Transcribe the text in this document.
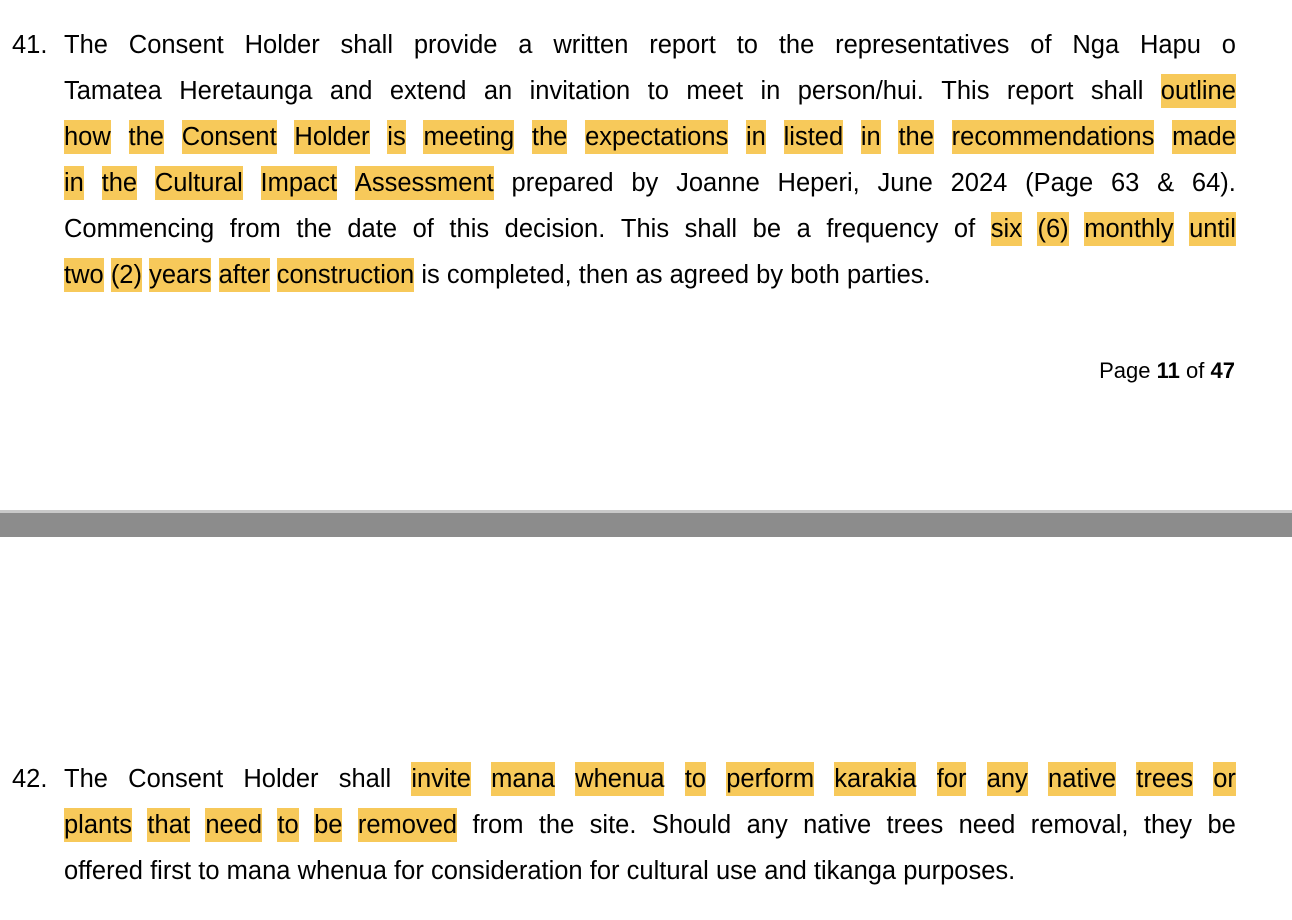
41. The Consent Holder shall provide a written report to the representatives of Nga Hapu o
Tamatea Heretaunga and extend an invitation to meet in person/hui. This report shall outline
how the Consent Holder is meeting the expectations in listed in the recommendations made
in the Cultural Impact Assessment prepared by Joanne Heperi, June 2024 (Page 63 & 64).
Commencing from the date of this decision. This shall be a frequency of six (6) monthly until
two (2) years after construction is completed, then as agreed by both parties.
Page 11 of 47
42. The Consent Holder shall invite mana whenua to perform karakia for any native trees or
plants that need to be removed from the site. Should any native trees need removal, they be
offered first to mana whenua for consideration for cultural use and tikanga purposes.
